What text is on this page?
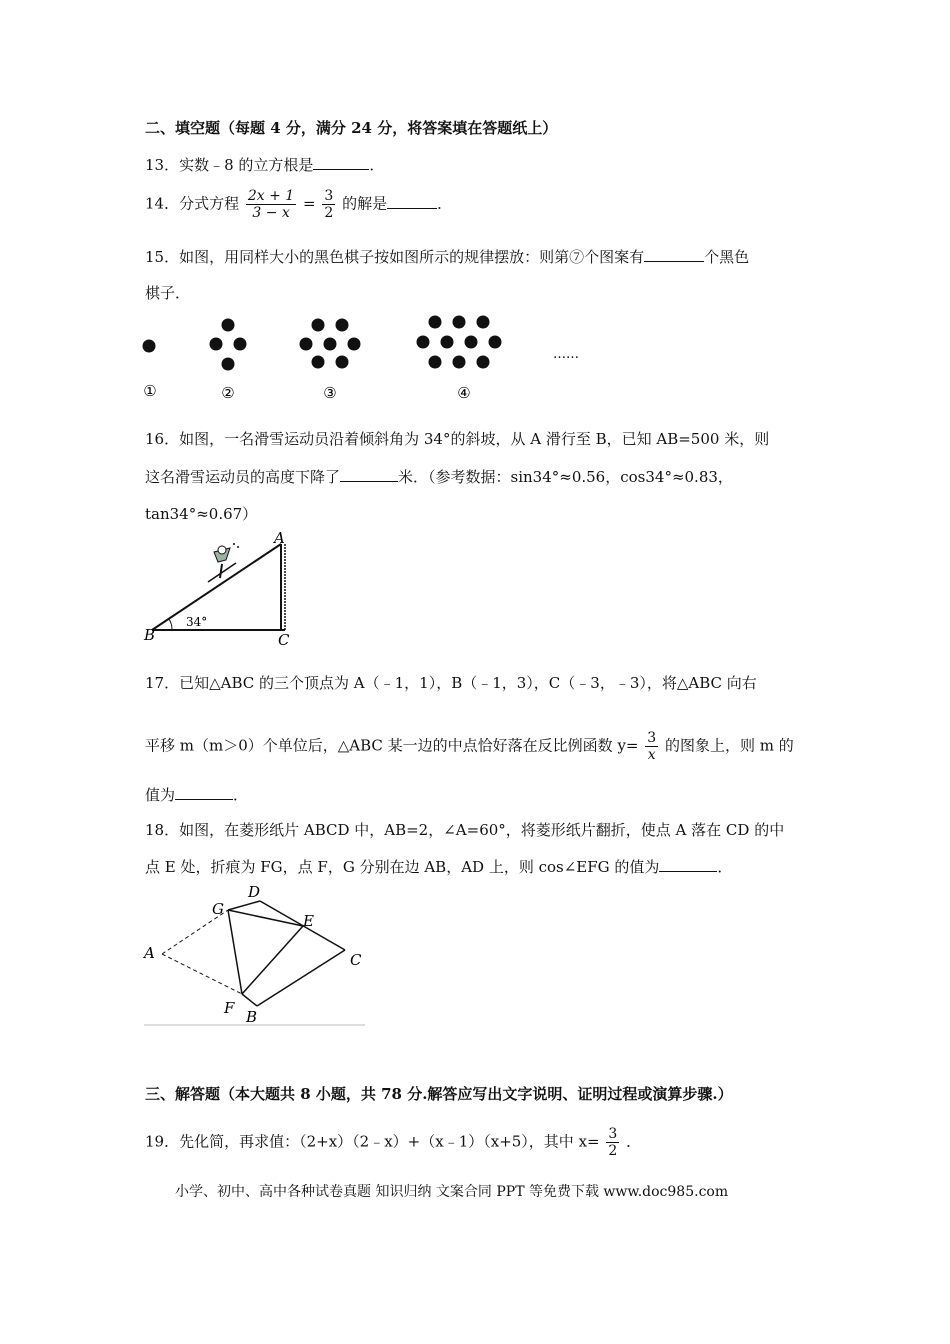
二、填空题（每题 4 分，满分 24 分，将答案填在答题纸上）
13．实数﹣8 的立方根是	．
14．分式方程 $\frac{2x + 1}{3 - x} = \frac{3}{2}$ 的解是	．
15．如图，用同样大小的黑色棋子按如图所示的规律摆放：则第⑦个图案有	个黑色
棋子．
①	②	③	④
……
16．如图，一名滑雪运动员沿着倾斜角为 34°的斜坡，从 A 滑行至 B，已知 AB=500 米，则
这名滑雪运动员的高度下降了	米．（参考数据：sin34°≈0.56，cos34°≈0.83，
tan34°≈0.67）
34°
B	C
A
17．已知△ABC 的三个顶点为 A（﹣1，1），B（﹣1，3），C（﹣3，﹣3），将△ABC 向右
平移 m（m＞0）个单位后，△ABC 某一边的中点恰好落在反比例函数 $y= \frac{3}{x}$ 的图象上，则 m 的
值为	．
18．如图，在菱形纸片 ABCD 中，AB=2，∠A=60°，将菱形纸片翻折，使点 A 落在 CD 的中
点 E 处，折痕为 FG，点 F，G 分别在边 AB，AD 上，则 cos∠EFG 的值为	．
A
G
D
E
C
F B
三、解答题（本大题共 8 小题，共 78 分.解答应写出文字说明、证明过程或演算步骤.）
19．先化简，再求值：（2+x）（2﹣x）+（x﹣1）（x+5），其中 $x= \frac{3}{2}$ ．
小学、初中、高中各种试卷真题 知识归纳 文案合同 PPT 等免费下载 www.doc985.com
